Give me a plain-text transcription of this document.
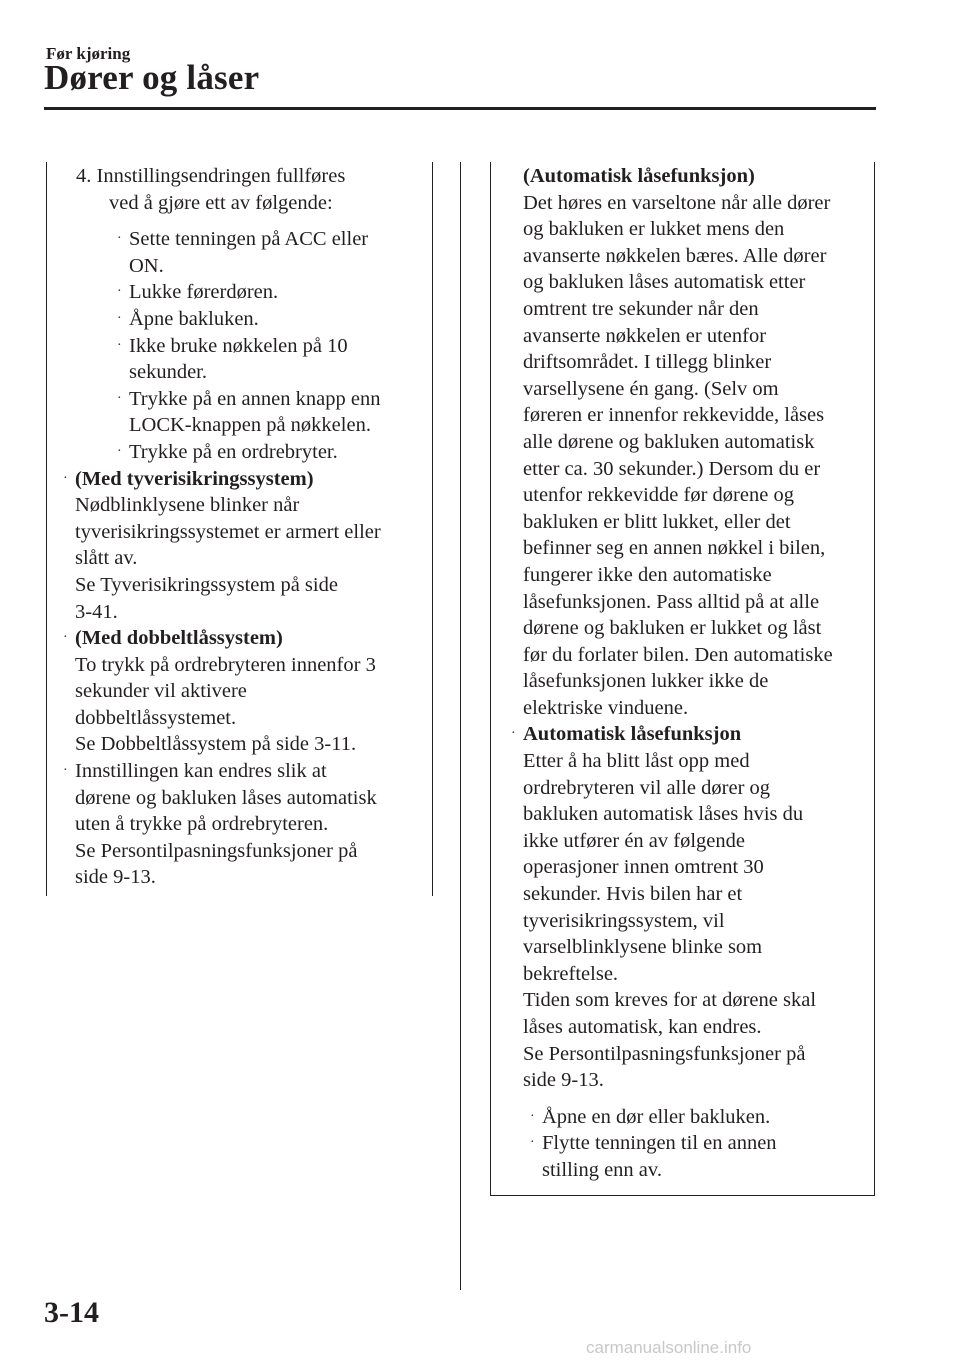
Før kjøring
Dører og låser
4. Innstillingsendringen fullføres
ved å gjøre ett av følgende:
· Sette tenningen på ACC eller
ON.
· Lukke førerdøren.
· Åpne bakluken.
· Ikke bruke nøkkelen på 10
sekunder.
· Trykke på en annen knapp enn
LOCK-knappen på nøkkelen.
· Trykke på en ordrebryter.
· (Med tyverisikringssystem)
Nødblinklysene blinker når
tyverisikringssystemet er armert eller
slått av.
Se Tyverisikringssystem på side
3-41.
· (Med dobbeltlåssystem)
To trykk på ordrebryteren innenfor 3
sekunder vil aktivere
dobbeltlåssystemet.
Se Dobbeltlåssystem på side 3-11.
· Innstillingen kan endres slik at
dørene og bakluken låses automatisk
uten å trykke på ordrebryteren.
Se Persontilpasningsfunksjoner på
side 9-13.
(Automatisk låsefunksjon)
Det høres en varseltone når alle dører
og bakluken er lukket mens den
avanserte nøkkelen bæres. Alle dører
og bakluken låses automatisk etter
omtrent tre sekunder når den
avanserte nøkkelen er utenfor
driftsområdet. I tillegg blinker
varsellysene én gang. (Selv om
føreren er innenfor rekkevidde, låses
alle dørene og bakluken automatisk
etter ca. 30 sekunder.) Dersom du er
utenfor rekkevidde før dørene og
bakluken er blitt lukket, eller det
befinner seg en annen nøkkel i bilen,
fungerer ikke den automatiske
låsefunksjonen. Pass alltid på at alle
dørene og bakluken er lukket og låst
før du forlater bilen. Den automatiske
låsefunksjonen lukker ikke de
elektriske vinduene.
· Automatisk låsefunksjon
Etter å ha blitt låst opp med
ordrebryteren vil alle dører og
bakluken automatisk låses hvis du
ikke utfører én av følgende
operasjoner innen omtrent 30
sekunder. Hvis bilen har et
tyverisikringssystem, vil
varselblinklysene blinke som
bekreftelse.
Tiden som kreves for at dørene skal
låses automatisk, kan endres.
Se Persontilpasningsfunksjoner på
side 9-13.
· Åpne en dør eller bakluken.
· Flytte tenningen til en annen
stilling enn av.
3-14
carmanualsonline.info
